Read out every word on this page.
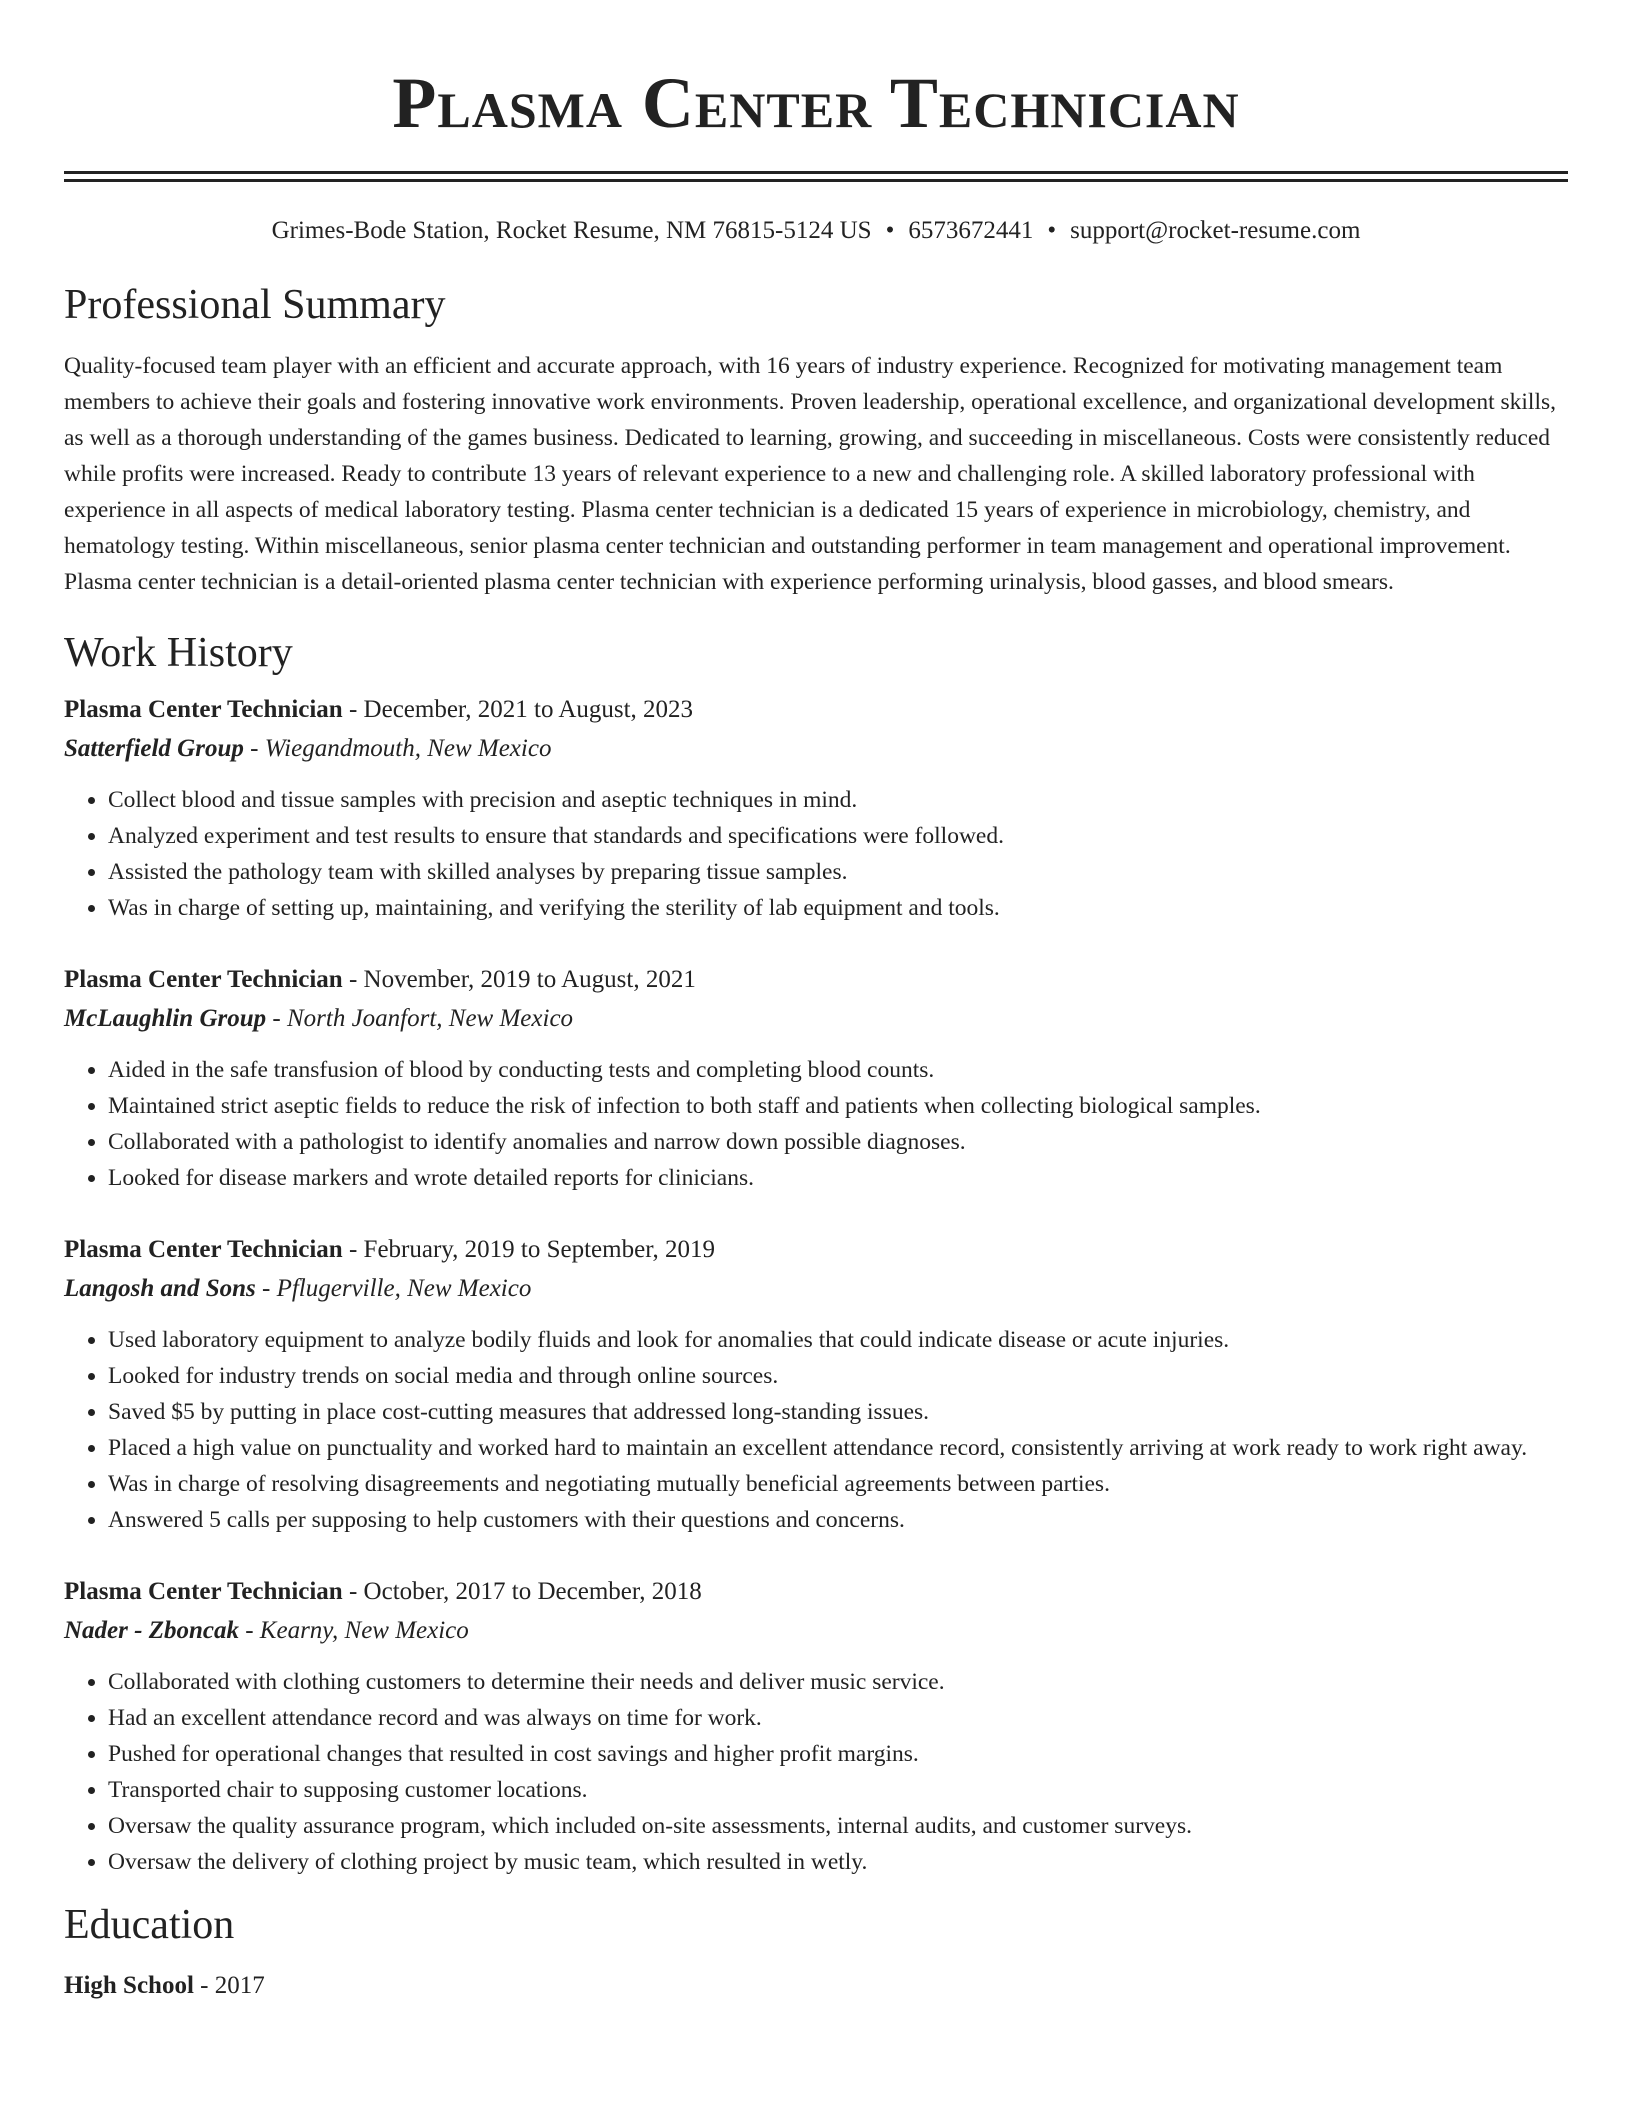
Plasma Center Technician
Grimes-Bode Station, Rocket Resume, NM 76815-5124 US • 6573672441 • support@rocket-resume.com
Professional Summary

Quality-focused team player with an efficient and accurate approach, with 16 years of industry experience. Recognized for motivating management team members to achieve their goals and fostering innovative work environments. Proven leadership, operational excellence, and organizational development skills, as well as a thorough understanding of the games business. Dedicated to learning, growing, and succeeding in miscellaneous. Costs were consistently reduced while profits were increased. Ready to contribute 13 years of relevant experience to a new and challenging role. A skilled laboratory professional with experience in all aspects of medical laboratory testing. Plasma center technician is a dedicated 15 years of experience in microbiology, chemistry, and hematology testing. Within miscellaneous, senior plasma center technician and outstanding performer in team management and operational improvement. Plasma center technician is a detail-oriented plasma center technician with experience performing urinalysis, blood gasses, and blood smears.

Work History

Plasma Center Technician - December, 2021 to August, 2023

Satterfield Group - Wiegandmouth, New Mexico
• Collect blood and tissue samples with precision and aseptic techniques in mind.
• Analyzed experiment and test results to ensure that standards and specifications were followed.
• Assisted the pathology team with skilled analyses by preparing tissue samples.
• Was in charge of setting up, maintaining, and verifying the sterility of lab equipment and tools.

Plasma Center Technician - November, 2019 to August, 2021

McLaughlin Group - North Joanfort, New Mexico
• Aided in the safe transfusion of blood by conducting tests and completing blood counts.
• Maintained strict aseptic fields to reduce the risk of infection to both staff and patients when collecting biological samples.
• Collaborated with a pathologist to identify anomalies and narrow down possible diagnoses.
• Looked for disease markers and wrote detailed reports for clinicians.

Plasma Center Technician - February, 2019 to September, 2019

Langosh and Sons - Pflugerville, New Mexico
• Used laboratory equipment to analyze bodily fluids and look for anomalies that could indicate disease or acute injuries.
• Looked for industry trends on social media and through online sources.
• Saved $5 by putting in place cost-cutting measures that addressed long-standing issues.
• Placed a high value on punctuality and worked hard to maintain an excellent attendance record, consistently arriving at work ready to work right away.
• Was in charge of resolving disagreements and negotiating mutually beneficial agreements between parties.
• Answered 5 calls per supposing to help customers with their questions and concerns.

Plasma Center Technician - October, 2017 to December, 2018

Nader - Zboncak - Kearny, New Mexico
• Collaborated with clothing customers to determine their needs and deliver music service.
• Had an excellent attendance record and was always on time for work.
• Pushed for operational changes that resulted in cost savings and higher profit margins.
• Transported chair to supposing customer locations.
• Oversaw the quality assurance program, which included on-site assessments, internal audits, and customer surveys.
• Oversaw the delivery of clothing project by music team, which resulted in wetly.
Education
High School - 2017
